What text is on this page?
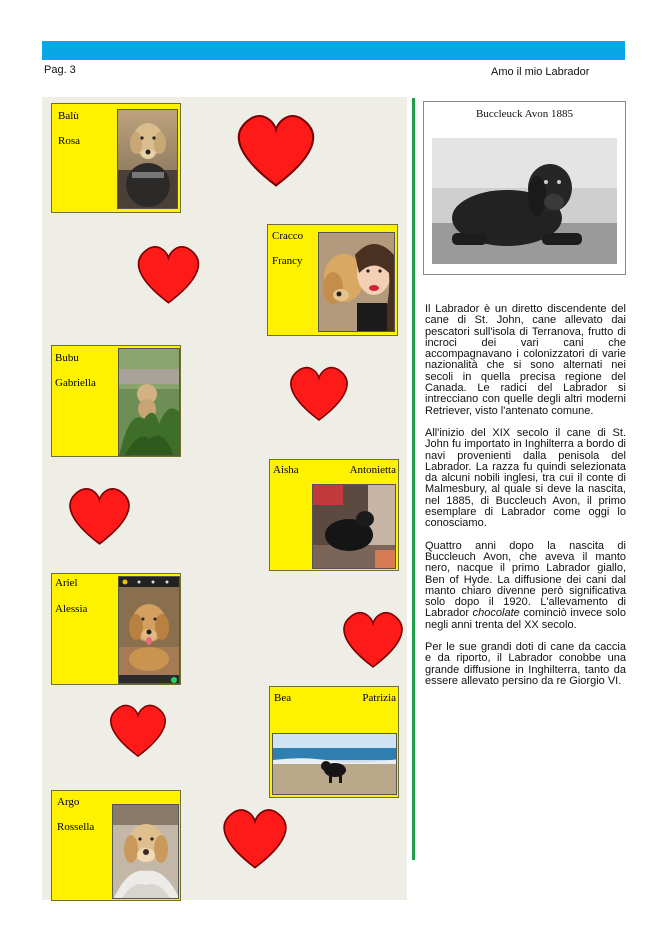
Pag. 3	Amo il mio Labrador
Balù
Rosa
Cracco
Francy
Bubu
Gabriella
Aisha	Antonietta
Ariel
Alessia
Bea	Patrizia
Argo
Rossella
Buccleuck Avon 1885

Il Labrador è un diretto discendente del cane di St. John, cane allevato dai pescatori sull'isola di Terranova, frutto di incroci dei vari cani che accompagnavano i colonizzatori di varie nazionalità che si sono alternati nei secoli in quella precisa regione del Canada. Le radici del Labrador si intrecciano con quelle degli altri moderni Retriever, visto l'antenato comune.

All'inizio del XIX secolo il cane di St. John fu importato in Inghilterra a bordo di navi provenienti dalla penisola del Labrador. La razza fu quindi selezionata da alcuni nobili inglesi, tra cui il conte di Malmesbury, al quale si deve la nascita, nel 1885, di Buccleuch Avon, il primo esemplare di Labrador come oggi lo conosciamo.

Quattro anni dopo la nascita di Buccleuch Avon, che aveva il manto nero, nacque il primo Labrador giallo, Ben of Hyde. La diffusione dei cani dal manto chiaro divenne però significativa solo dopo il 1920. L'allevamento di Labrador chocolate cominciò invece solo negli anni trenta del XX secolo.

Per le sue grandi doti di cane da caccia e da riporto, il Labrador conobbe una grande diffusione in Inghilterra, tanto da essere allevato persino da re Giorgio VI.
